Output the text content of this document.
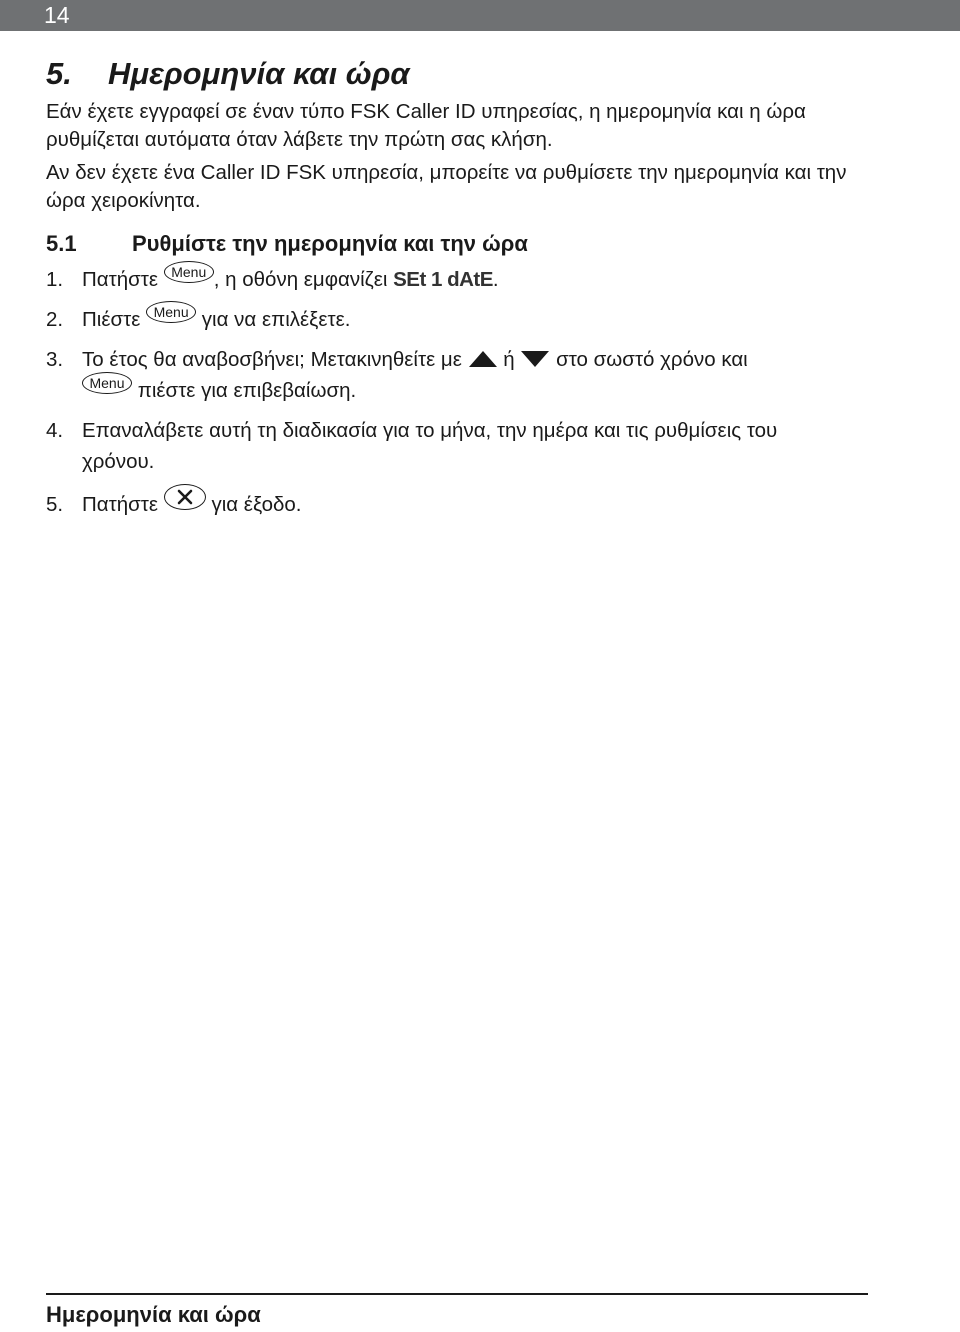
14
5. Ημερομηνία και ώρα

Εάν έχετε εγγραφεί σε έναν τύπο FSK Caller ID υπηρεσίας, η ημερομηνία και η ώρα ρυθμίζεται αυτόματα όταν λάβετε την πρώτη σας κλήση.

Αν δεν έχετε ένα Caller ID FSK υπηρεσία, μπορείτε να ρυθμίσετε την ημερομηνία και την ώρα χειροκίνητα.

5.1	Ρυθμίστε την ημερομηνία και την ώρα
1. Πατήστε Menu , η οθόνη εμφανίζει SEt 1 dAtE.
2. Πιέστε Menu για να επιλέξετε.
3. Το έτος θα αναβοσβήνει; Μετακινηθείτε με ή στο σωστό χρόνο και
Menu πιέστε για επιβεβαίωση.
4. Επαναλάβετε αυτή τη διαδικασία για το μήνα, την ημέρα και τις ρυθμίσεις του
χρόνου.
5. Πατήστε	για έξοδο.
Ημερομηνία και ώρα
